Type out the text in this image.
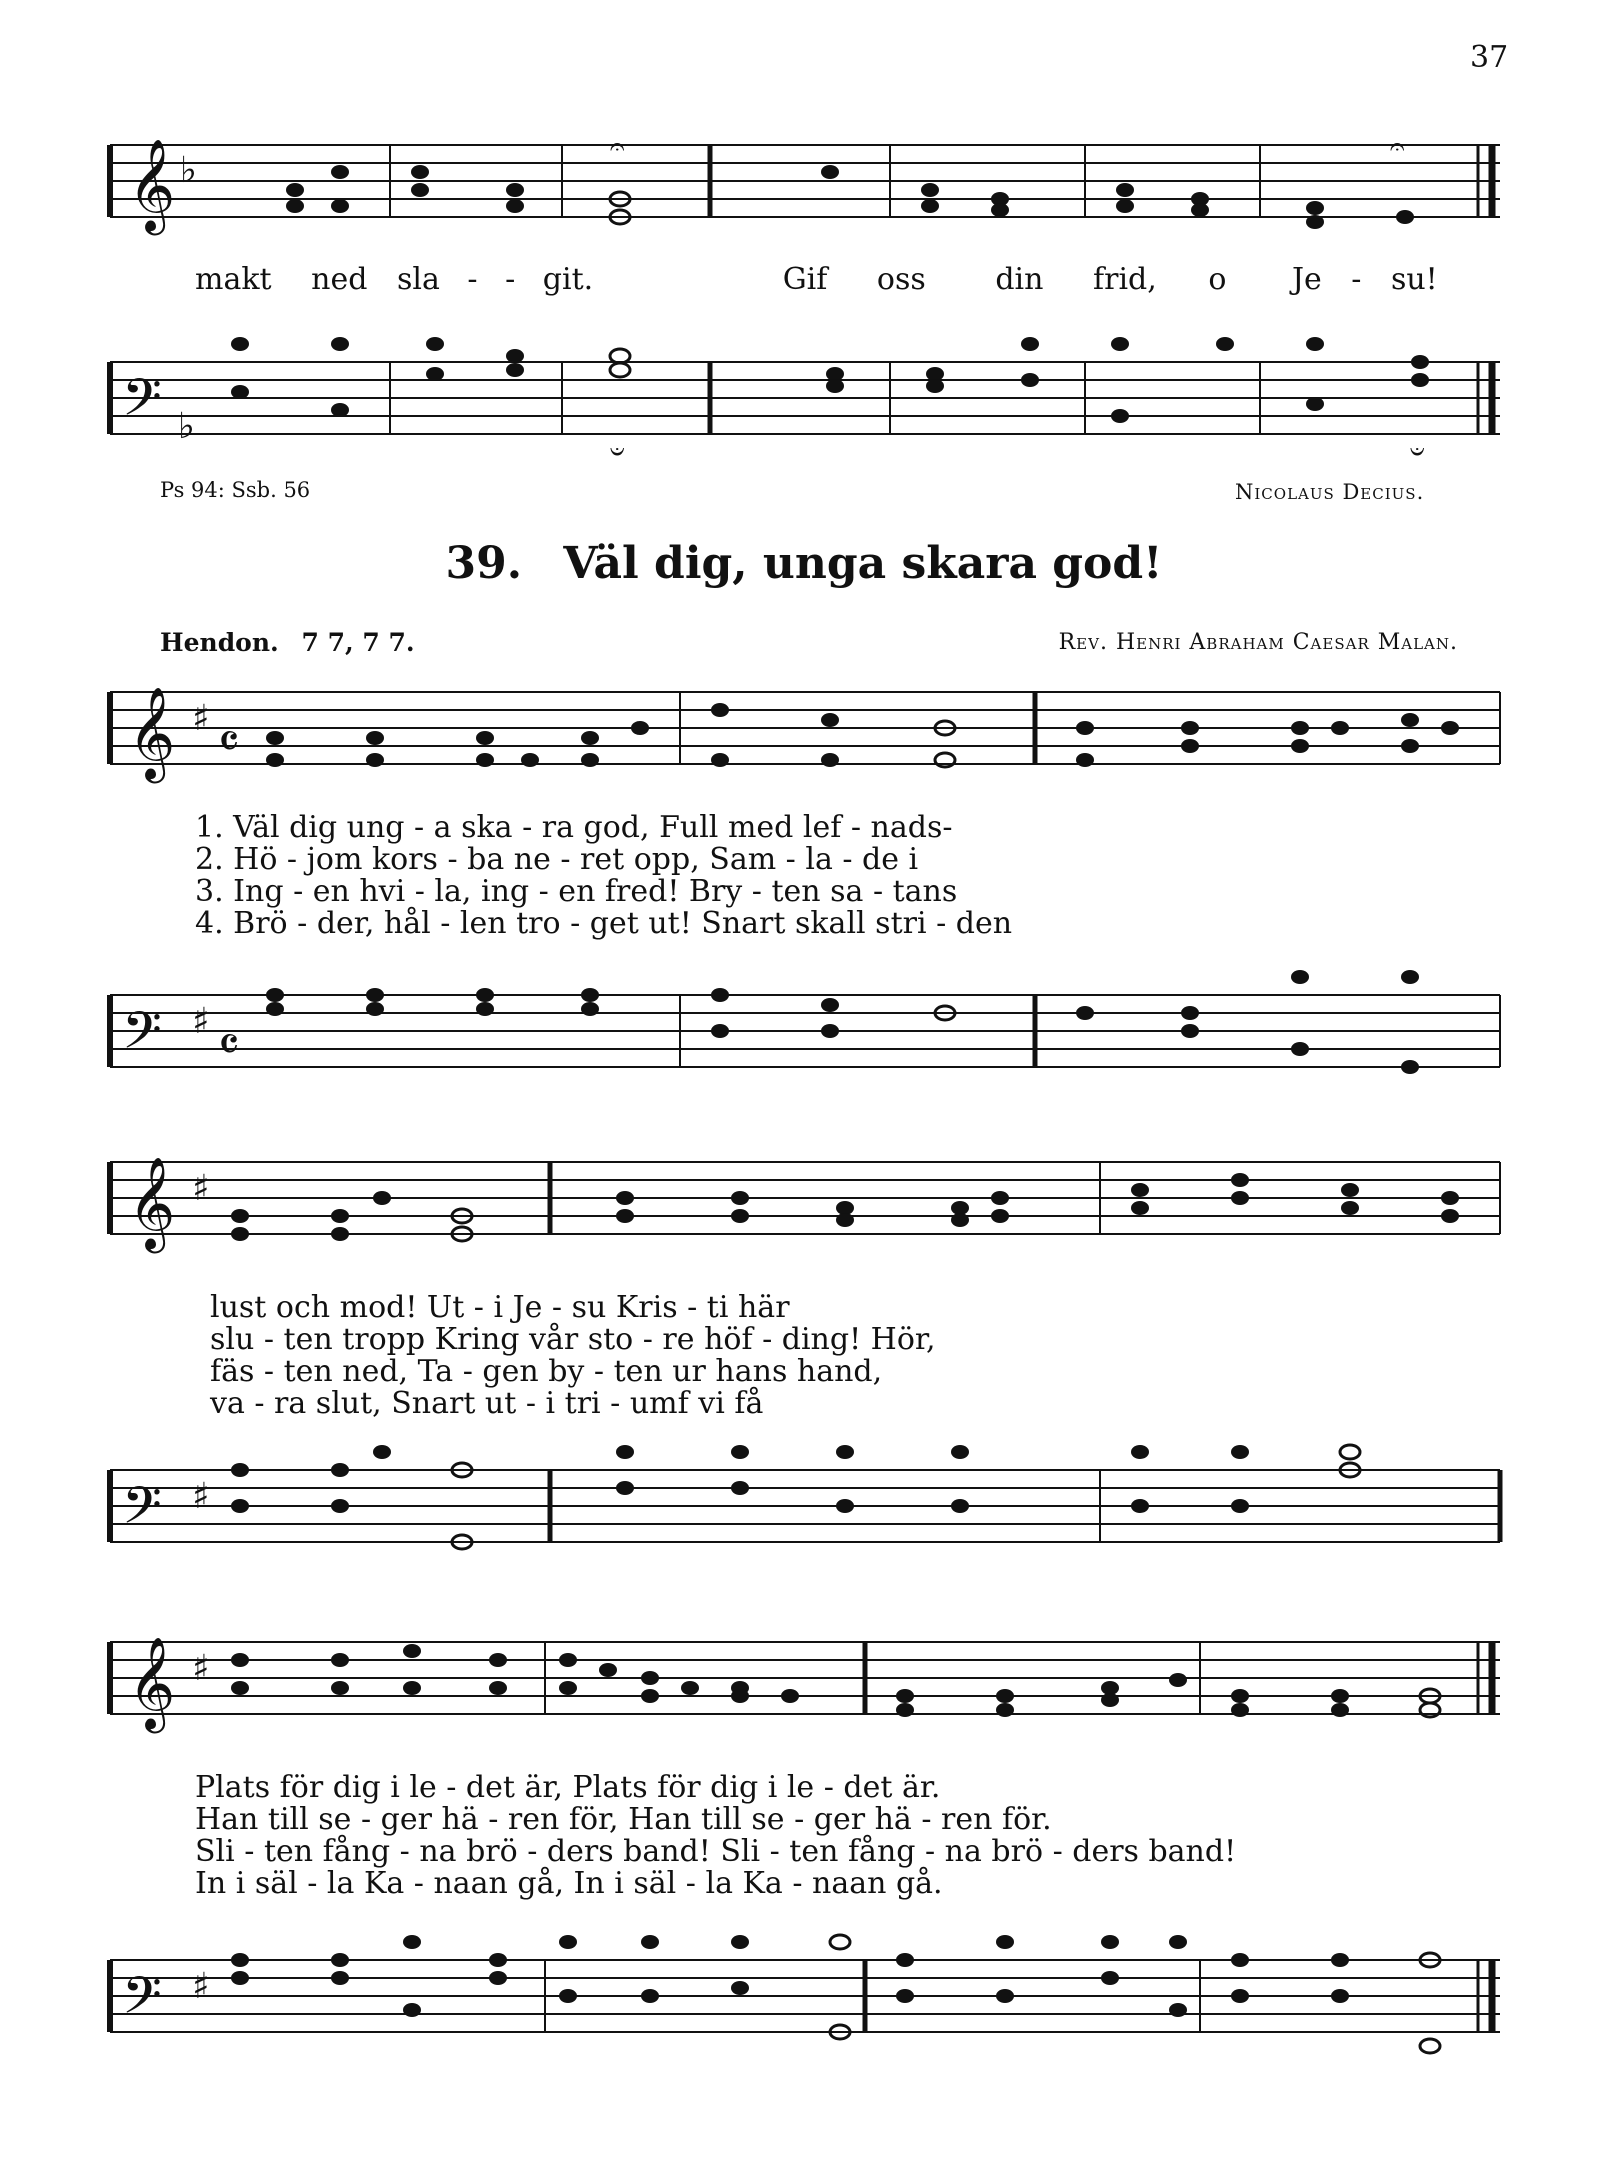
37
𝄞 ♭
𝄐	𝄐
makt ned sla - - git.	Gif oss din frid, o Je - su!
𝄢 ♭
𝄑	𝄑
Ps 94: Ssb. 56	Nicolaus Decius.
39. Väl dig, unga skara god!
Hendon. 7 7, 7 7.	Rev. Henri Abraham Caesar Malan.
𝄞 ♯ 𝄴
1. Väl dig ung - a ska - ra god, Full med lef - nads-
2. Hö - jom kors - ba ne - ret opp, Sam - la - de i
3. Ing - en hvi - la, ing - en fred! Bry - ten sa - tans
4. Brö - der, hål - len tro - get ut! Snart skall stri - den
𝄢 ♯ 𝄴
𝄞 ♯
lust och mod! Ut - i Je - su Kris - ti här
slu - ten tropp Kring vår sto - re höf - ding! Hör,
fäs - ten ned, Ta - gen by - ten ur hans hand,
va - ra slut, Snart ut - i tri - umf vi få
𝄢 ♯
𝄞 ♯
Plats för dig i le - det är, Plats för dig i le - det är.
Han till se - ger hä - ren för, Han till se - ger hä - ren för.
Sli - ten fång - na brö - ders band! Sli - ten fång - na brö - ders band!
In i säl - la Ka - naan gå, In i säl - la Ka - naan gå.
𝄢 ♯
